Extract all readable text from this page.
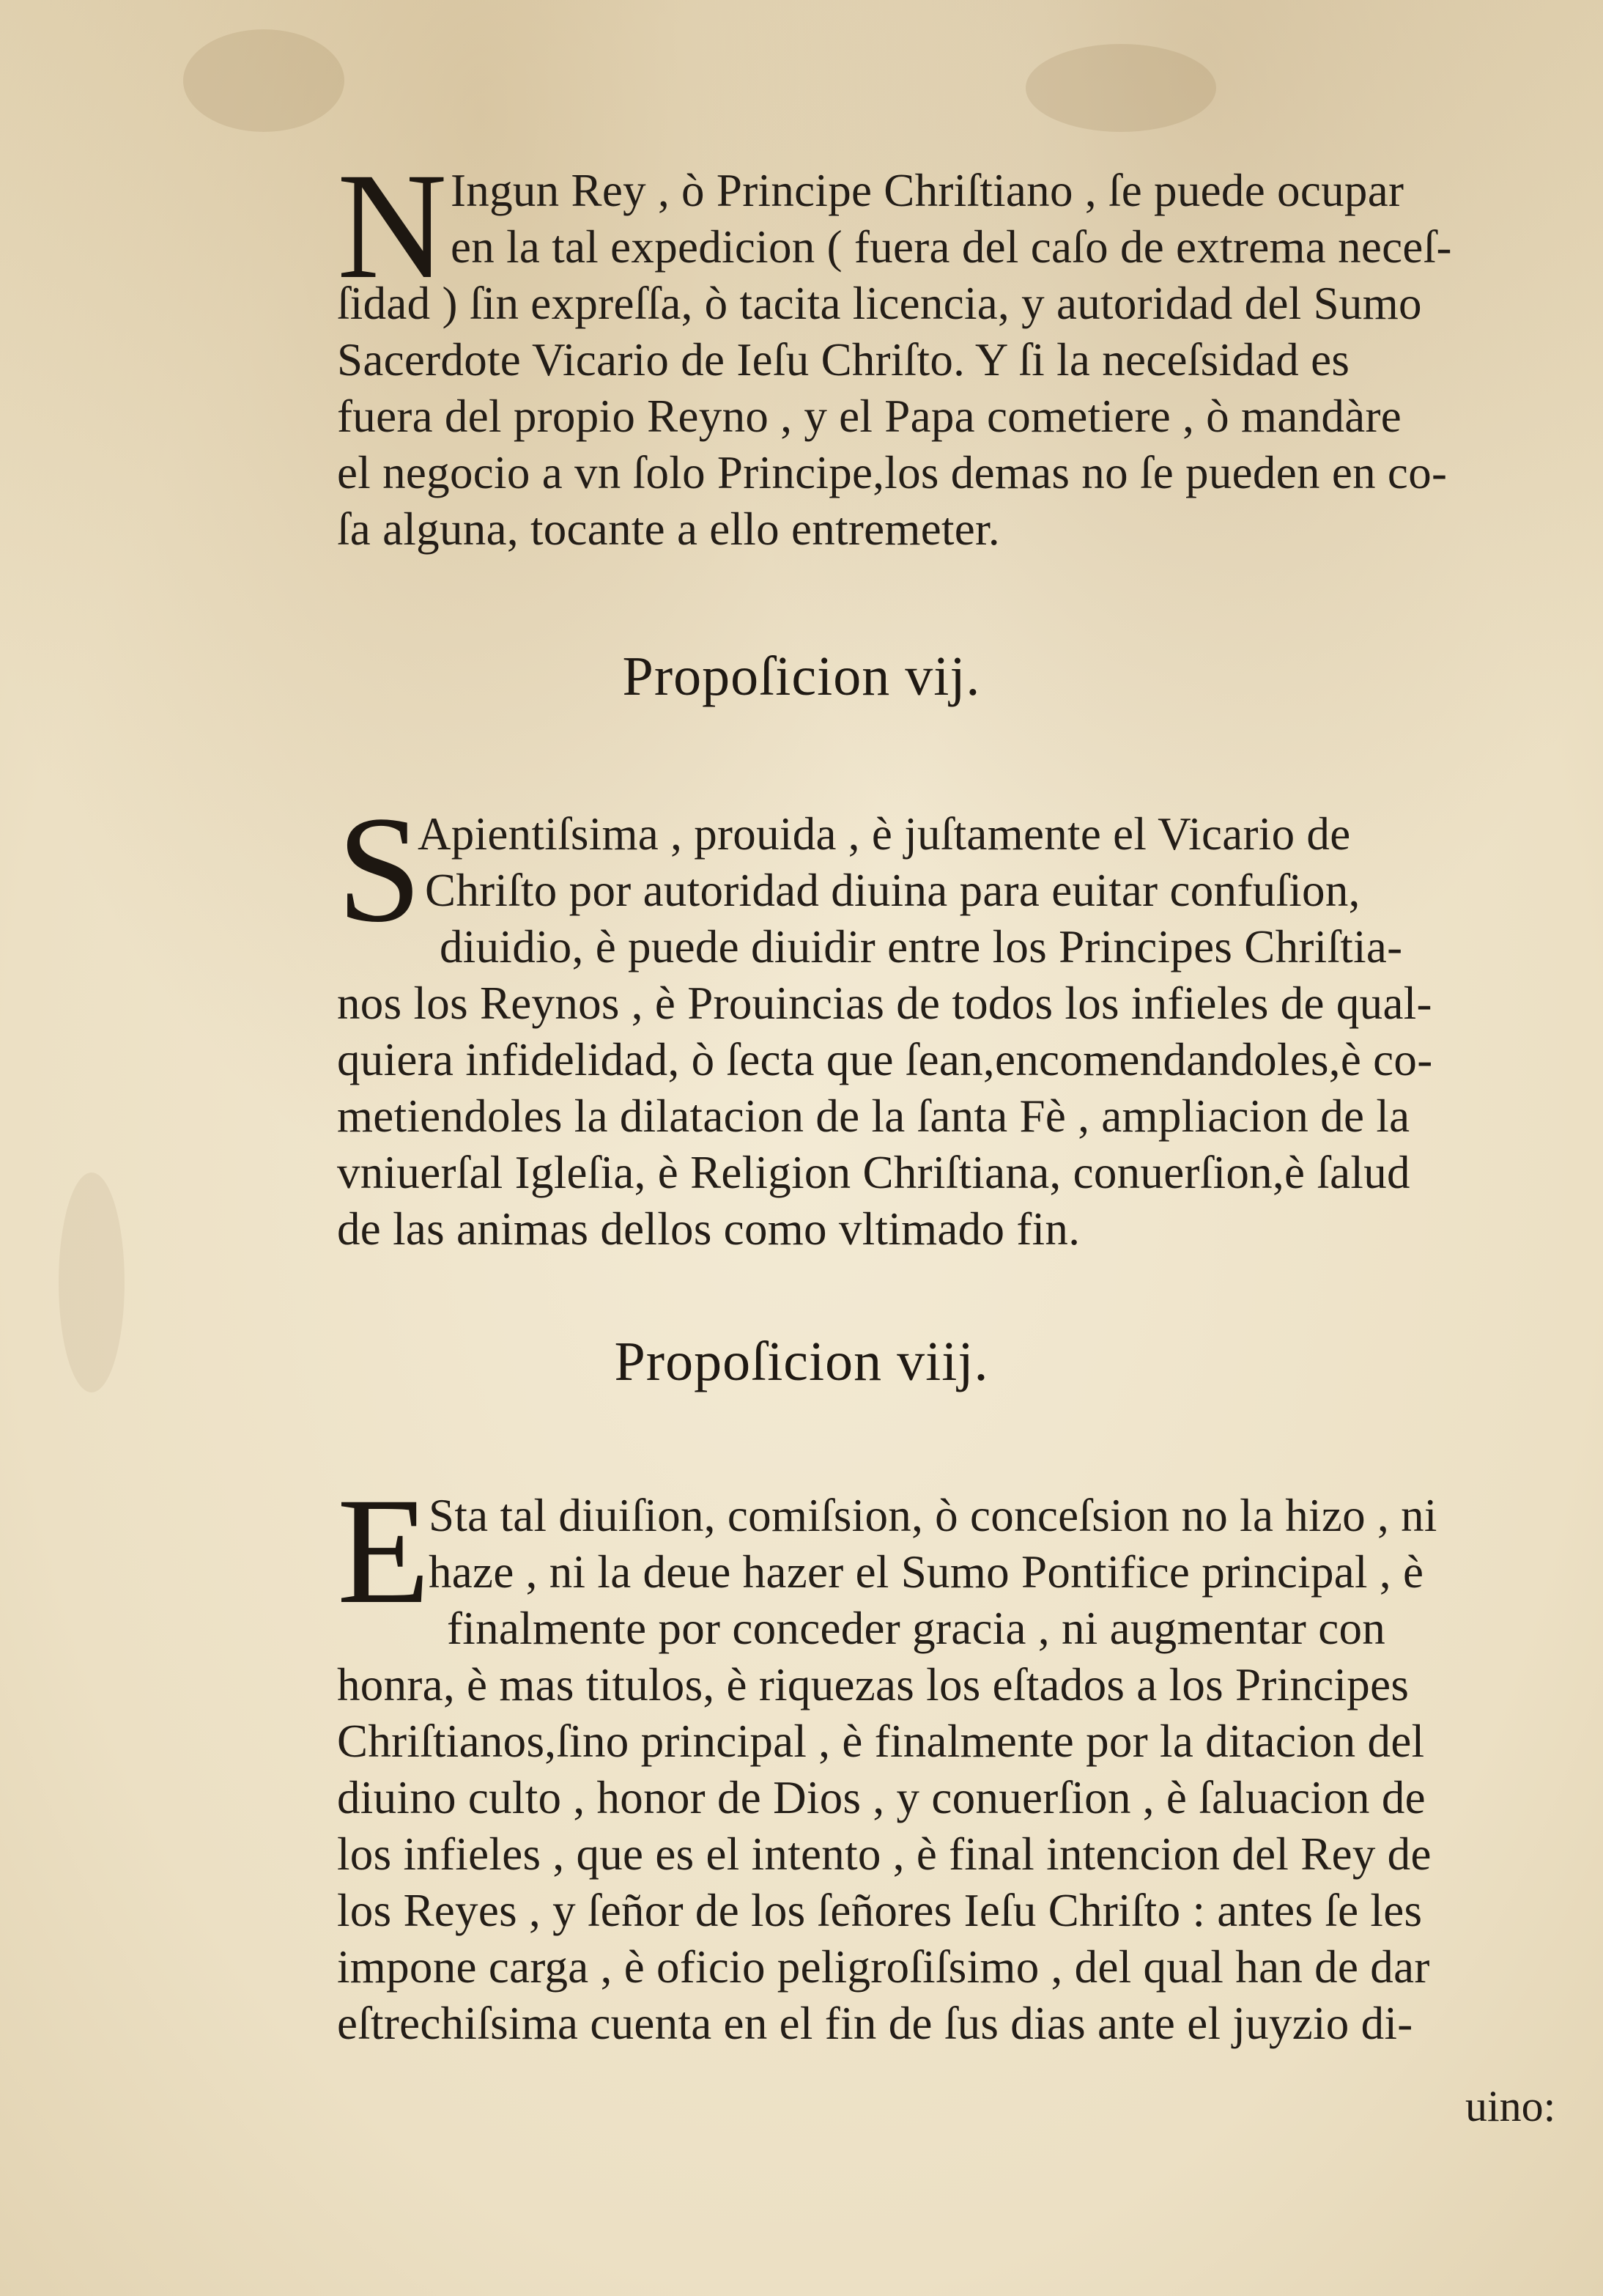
N Ingun Rey , ò Principe Chriſtiano , ſe puede ocupar
en la tal expedicion ( fuera del caſo de extrema neceſ-
ſidad ) ſin expreſſa, ò tacita licencia, y autoridad del Sumo
Sacerdote Vicario de Ieſu Chriſto. Y ſi la neceſsidad es
fuera del propio Reyno , y el Papa cometiere , ò mandàre
el negocio a vn ſolo Principe,los demas no ſe pueden en co-
ſa alguna, tocante a ello entremeter.
Propoſicion vij.
S
Apientiſsima , prouida , è juſtamente el Vicario de
Chriſto por autoridad diuina para euitar confuſion,
diuidio, è puede diuidir entre los Principes Chriſtia-
nos los Reynos , è Prouincias de todos los infieles de qual-
quiera infidelidad, ò ſecta que ſean,encomendandoles,è co-
metiendoles la dilatacion de la ſanta Fè , ampliacion de la
vniuerſal Igleſia, è Religion Chriſtiana, conuerſion,è ſalud
de las animas dellos como vltimado fin.
Propoſicion viij.
E
Sta tal diuiſion, comiſsion, ò conceſsion no la hizo , ni
haze , ni la deue hazer el Sumo Pontifice principal , è
finalmente por conceder gracia , ni augmentar con
honra, è mas titulos, è riquezas los eſtados a los Principes
Chriſtianos,ſino principal , è finalmente por la ditacion del
diuino culto , honor de Dios , y conuerſion , è ſaluacion de
los infieles , que es el intento , è final intencion del Rey de
los Reyes , y ſeñor de los ſeñores Ieſu Chriſto : antes ſe les
impone carga , è oficio peligroſiſsimo , del qual han de dar
eſtrechiſsima cuenta en el fin de ſus dias ante el juyzio di-
uino:
